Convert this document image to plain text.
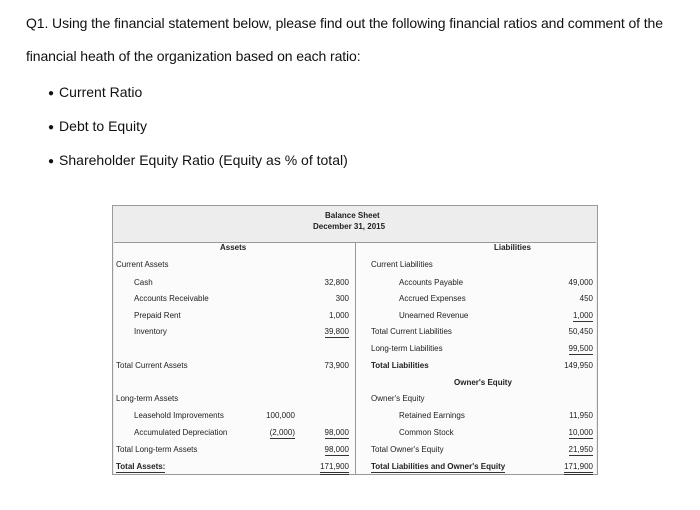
Q1. Using the financial statement below, please find out the following financial ratios and comment of the
financial heath of the organization based on each ratio:
● Current Ratio
● Debt to Equity
● Shareholder Equity Ratio (Equity as % of total)
Balance Sheet
December 31, 2015
Assets	Liabilities
Current Assets
Cash	32,800
Accounts Receivable	300
Prepaid Rent	1,000
Inventory	39,800
Total Current Assets	73,900
Long-term Assets
Leasehold Improvements	100,000
Accumulated Depreciation	(2,000)	98,000
Total Long-term Assets	98,000
Total Assets:	171,900
Current Liabilities
Accounts Payable	49,000
Accrued Expenses	450
Unearned Revenue	1,000
Total Current Liabilities	50,450
Long-term Liabilities	99,500
Total Liabilities	149,950
Owner's Equity
Owner's Equity
Retained Earnings	11,950
Common Stock	10,000
Total Owner's Equity	21,950
Total Liabilities and Owner's Equity	171,900
